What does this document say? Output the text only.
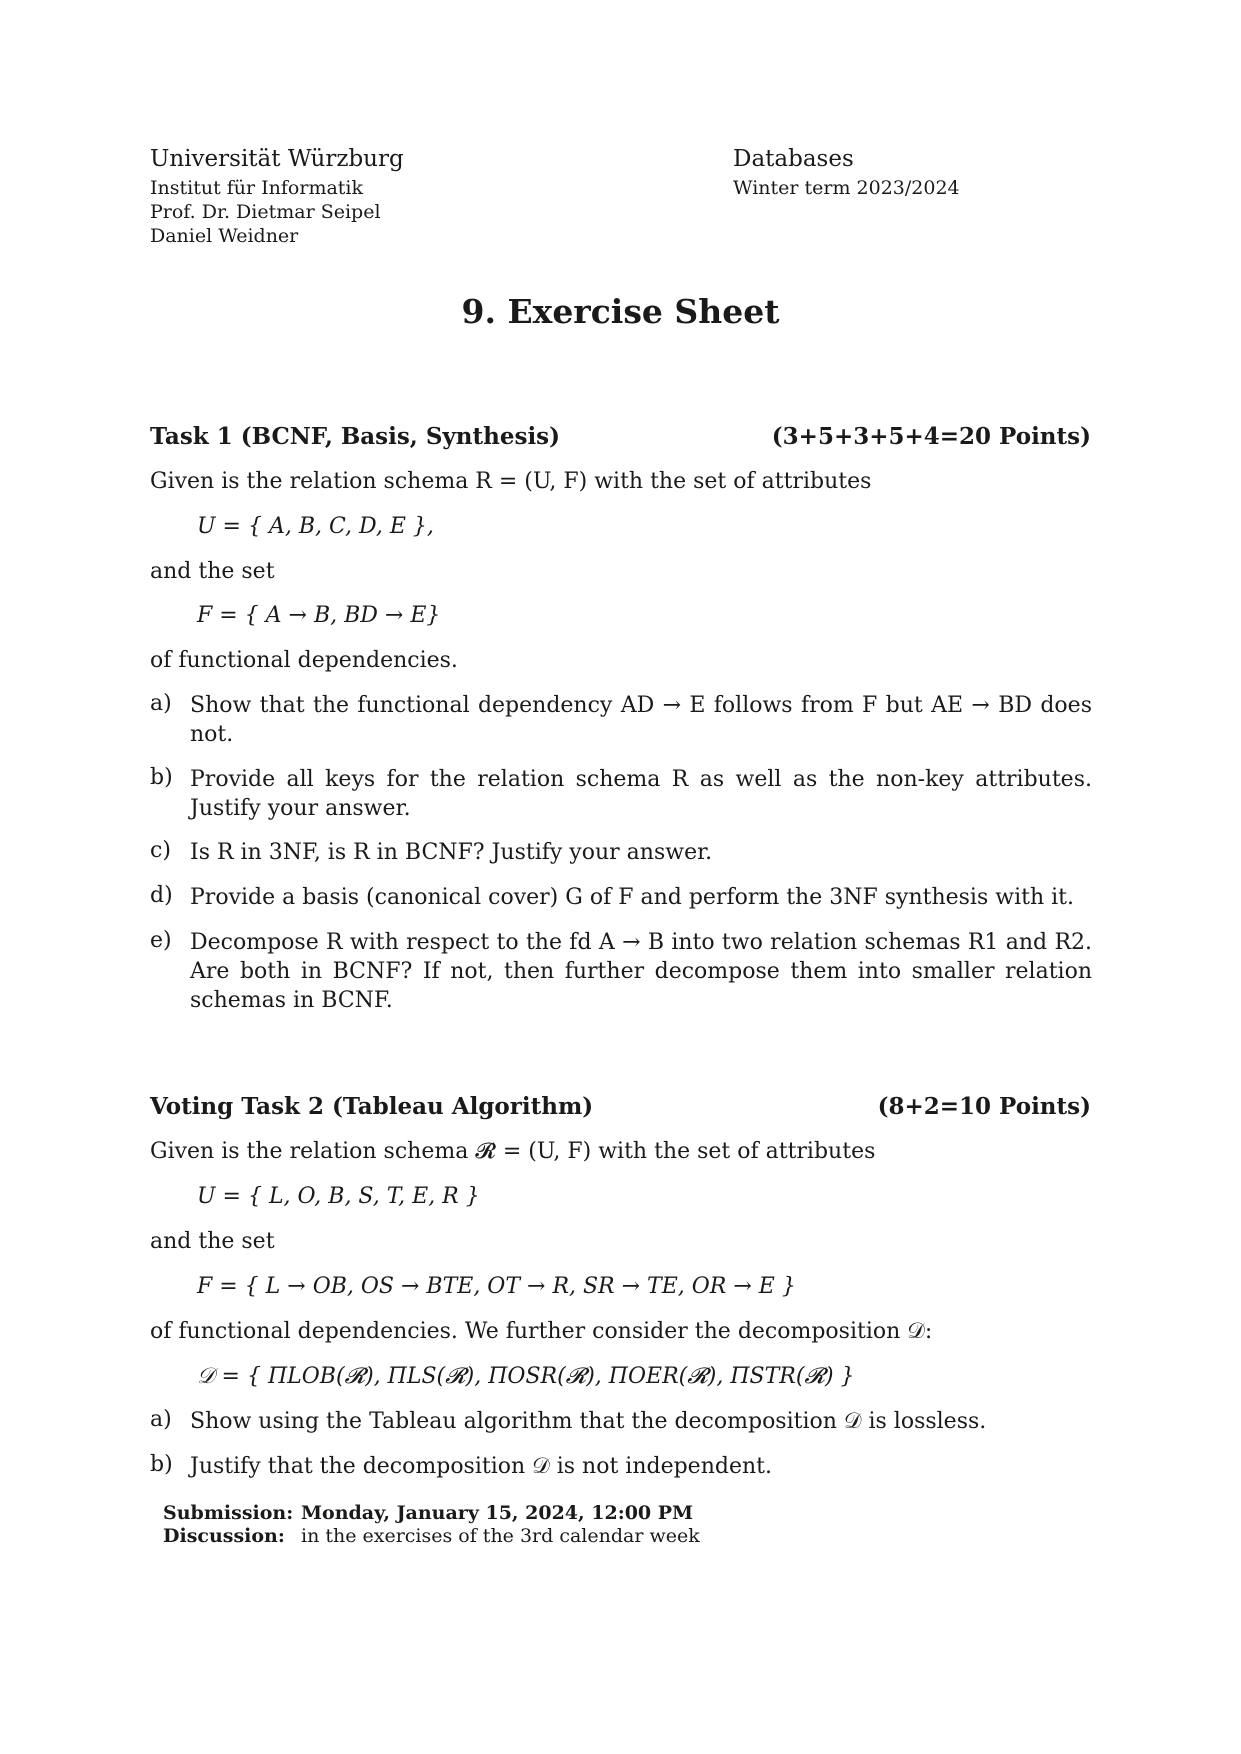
Universität Würzburg
Institut für Informatik
Prof. Dr. Dietmar Seipel
Daniel Weidner
Databases
Winter term 2023/2024
9. Exercise Sheet
Task 1 (BCNF, Basis, Synthesis)	(3+5+3+5+4=20 Points)
Given is the relation schema R = (U, F) with the set of attributes
U = { A, B, C, D, E },
and the set
F = { A → B, BD → E}
of functional dependencies.
a) Show that the functional dependency AD → E follows from F but AE → BD does not.
b) Provide all keys for the relation schema R as well as the non-key attributes. Justify your answer.
c) Is R in 3NF, is R in BCNF? Justify your answer.
d) Provide a basis (canonical cover) G of F and perform the 3NF synthesis with it.
e) Decompose R with respect to the fd A → B into two relation schemas R1 and R2. Are both in BCNF? If not, then further decompose them into smaller relation schemas in BCNF.
Voting Task 2 (Tableau Algorithm)	(8+2=10 Points)
Given is the relation schema 𝓡 = (U, F) with the set of attributes
U = { L, O, B, S, T, E, R }
and the set
F = { L → OB, OS → BTE, OT → R, SR → TE, OR → E }
of functional dependencies. We further consider the decomposition 𝒟:
𝒟 = { ΠLOB(𝓡), ΠLS(𝓡), ΠOSR(𝓡), ΠOER(𝓡), ΠSTR(𝓡) }
a) Show using the Tableau algorithm that the decomposition 𝒟 is lossless.
b) Justify that the decomposition 𝒟 is not independent.
Submission: Monday, January 15, 2024, 12:00 PM
Discussion: in the exercises of the 3rd calendar week
